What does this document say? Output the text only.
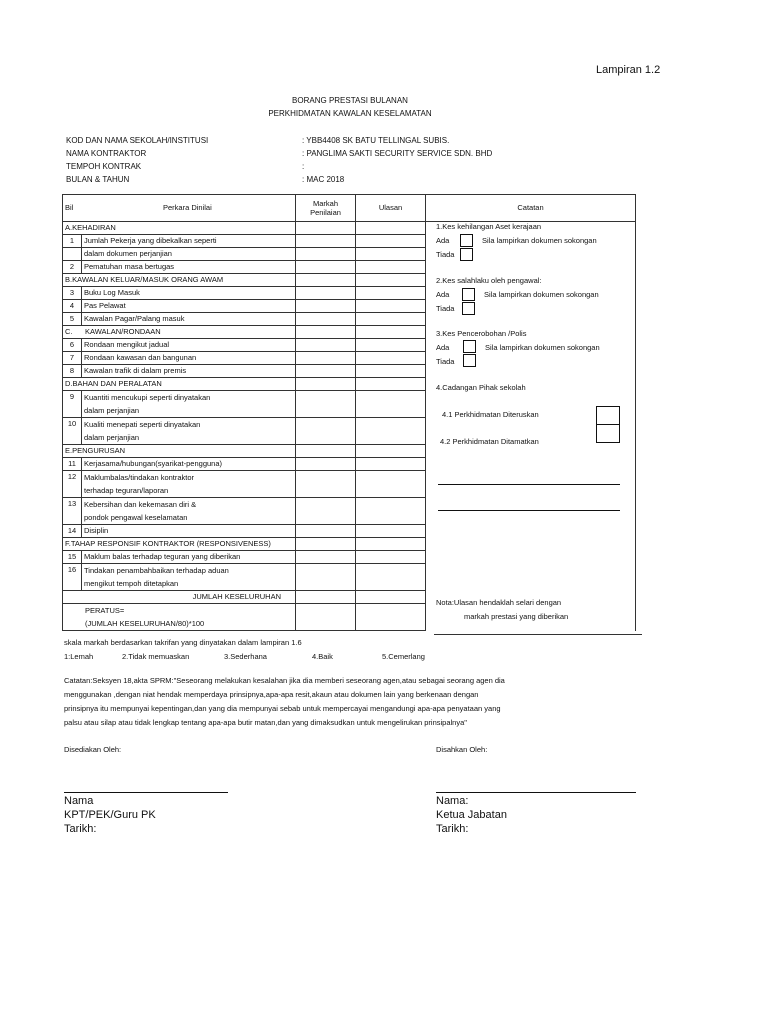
Lampiran 1.2
BORANG PRESTASI BULANAN
PERKHIDMATAN KAWALAN KESELAMATAN
KOD DAN NAMA SEKOLAH/INSTITUSI	: YBB4408 SK BATU TELLINGAL SUBIS.
NAMA KONTRAKTOR	: PANGLIMA SAKTI SECURITY SERVICE SDN. BHD
TEMPOH KONTRAK	:
BULAN & TAHUN	: MAC 2018
Bil Perkara Dinilai		Markah
Penilaian	Ulasan	Catatan
A.KEHADIRAN				
1	Jumlah Pekerja yang dibekalkan seperti			
	dalam dokumen perjanjian			
2	Pematuhan masa bertugas			
B.KAWALAN KELUAR/MASUK ORANG AWAM				
3	Buku Log Masuk			
4	Pas Pelawat			
5	Kawalan Pagar/Palang masuk			
C. KAWALAN/RONDAAN				

6	Rondaan mengikut jadual			
7	Rondaan kawasan dan bangunan			
8	Kawalan trafik di dalam premis			
D.BAHAN DAN PERALATAN				
9	Kuantiti mencukupi seperti dinyatakan
dalam perjanjian			
10	Kualiti menepati seperti dinyatakan
dalam perjanjian			
E.PENGURUSAN				
11	Kerjasama/hubungan(syarikat-pengguna)			
12	Maklumbalas/tindakan kontraktor
terhadap teguran/laporan			
13	Kebersihan dan kekemasan diri &
pondok pengawal keselamatan			
14	Disiplin			
F.TAHAP RESPONSIF KONTRAKTOR (RESPONSIVENESS)				
15	Maklum balas terhadap teguran yang diberikan			
16	Tindakan penambahbaikan terhadap aduan
mengikut tempoh ditetapkan			
JUMLAH KESELURUHAN				
PERATUS=
(JUMLAH KESELURUHAN/80)*100				
1.Kes kehilangan Aset kerajaan
Ada
Tiada
Sila lampirkan dokumen sokongan
2.Kes salahlaku oleh pengawal:
Ada
Tiada
Sila lampirkan dokumen sokongan
3.Kes Pencerobohan /Polis
Ada
Tiada
Sila lampirkan dokumen sokongan
4.Cadangan Pihak sekolah
4.1 Perkhidmatan Diteruskan
4.2 Perkhidmatan Ditamatkan
Nota:Ulasan hendaklah selari dengan
markah prestasi yang diberikan
skala markah berdasarkan takrifan yang dinyatakan dalam lampiran 1.6
1:Lemah	2.Tidak memuaskan	3.Sederhana	4.Baik	5.Cemerlang
Catatan:Seksyen 18,akta SPRM:"Seseorang melakukan kesalahan jika dia memberi seseorang agen,atau sebagai seorang agen dia
menggunakan ,dengan niat hendak memperdaya prinsipnya,apa-apa resit,akaun atau dokumen lain yang berkenaan dengan
prinsipnya itu mempunyai kepentingan,dan yang dia mempunyai sebab untuk mempercayai mengandungi apa-apa penyataan yang
palsu atau silap atau tidak lengkap tentang apa-apa butir matan,dan yang dimaksudkan untuk mengelirukan prinsipalnya"
Disediakan Oleh:	Disahkan Oleh:
Nama
KPT/PEK/Guru PK
Tarikh:
Nama:
Ketua Jabatan
Tarikh:
